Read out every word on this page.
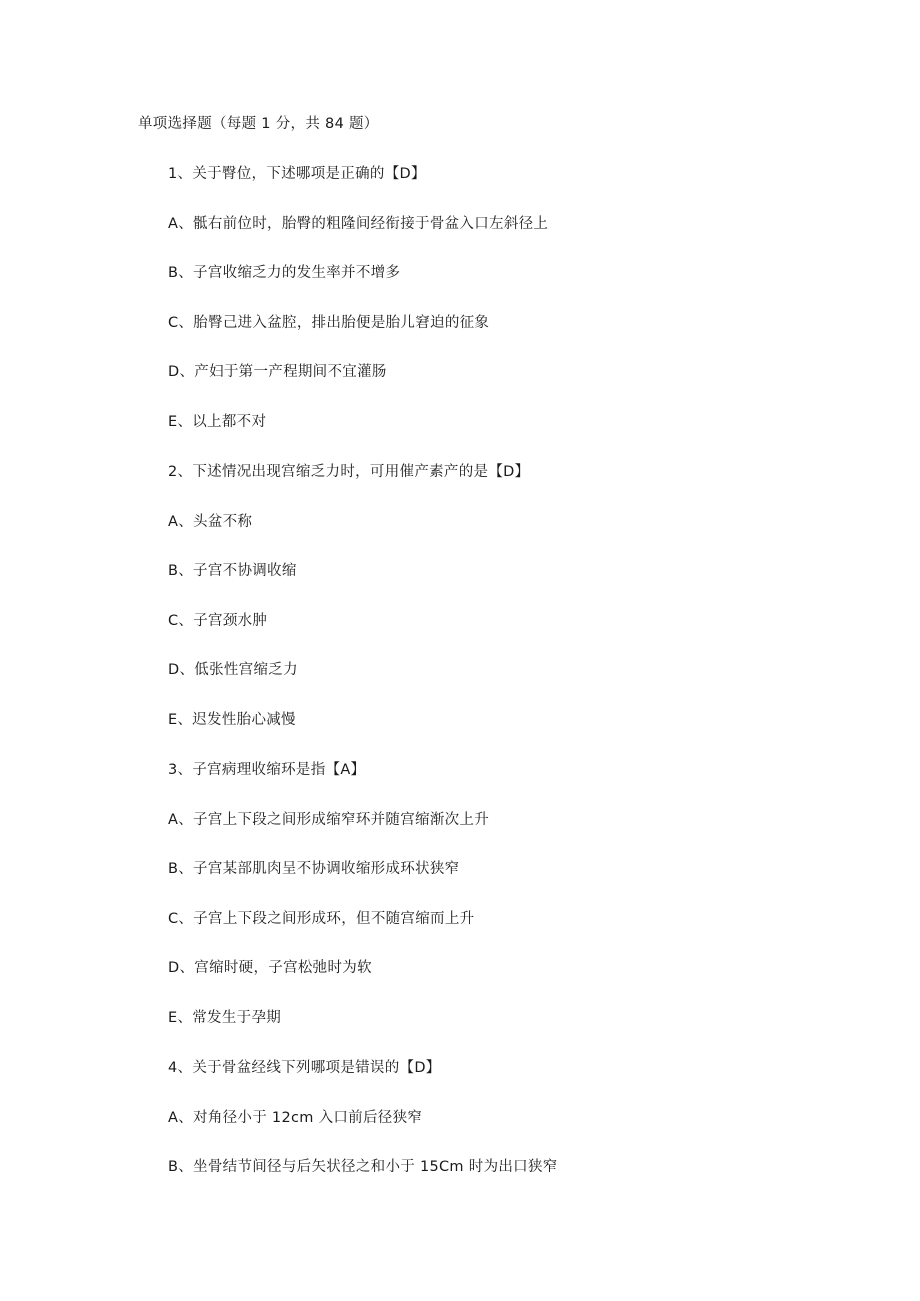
单项选择题（每题 1 分，共 84 题）
1、关于臀位，下述哪项是正确的【D】
A、骶右前位时，胎臀的粗隆间经衔接于骨盆入口左斜径上
B、子宫收缩乏力的发生率并不增多
C、胎臀己进入盆腔，排出胎便是胎儿窘迫的征象
D、产妇于第一产程期间不宜灌肠
E、以上都不对
2、下述情况出现宫缩乏力时，可用催产素产的是【D】
A、头盆不称
B、子宫不协调收缩
C、子宫颈水肿
D、低张性宫缩乏力
E、迟发性胎心减慢
3、子宫病理收缩环是指【A】
A、子宫上下段之间形成缩窄环并随宫缩渐次上升
B、子宫某部肌肉呈不协调收缩形成环状狭窄
C、子宫上下段之间形成环，但不随宫缩而上升
D、宫缩时硬，子宫松弛时为软
E、常发生于孕期
4、关于骨盆经线下列哪项是错误的【D】
A、对角径小于 12cm 入口前后径狭窄
B、坐骨结节间径与后矢状径之和小于 15Cm 时为出口狭窄
